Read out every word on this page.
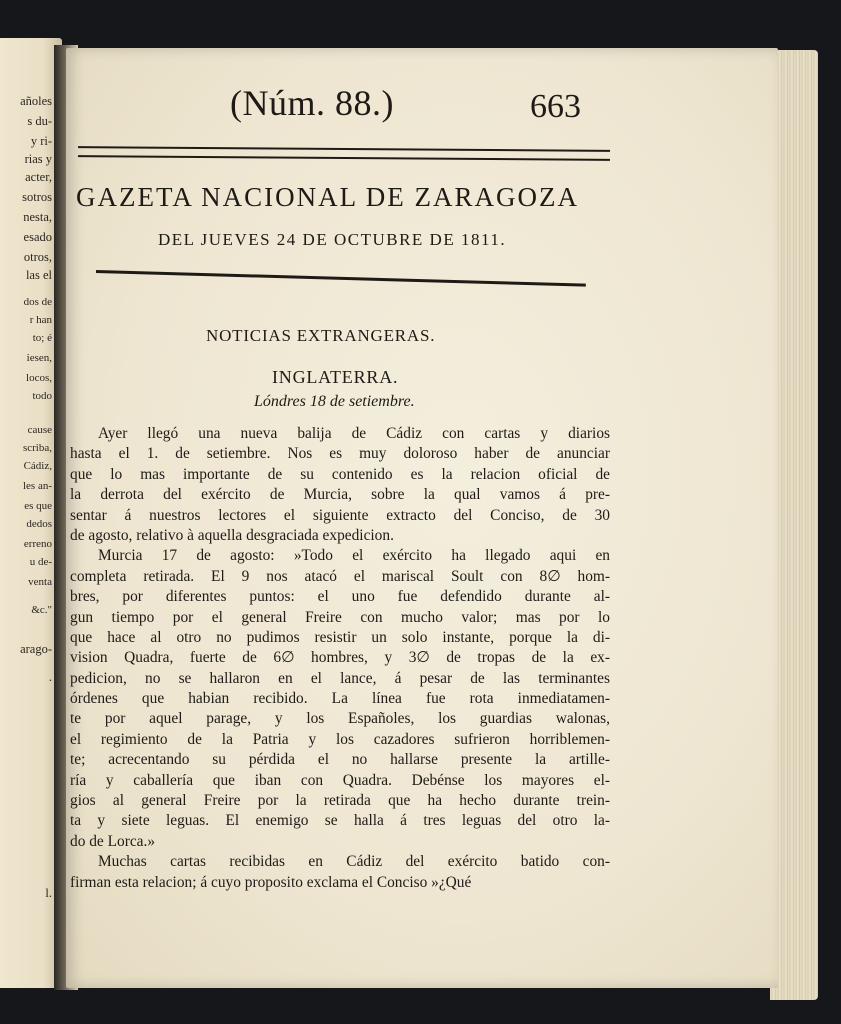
añoles
s du-
y ri-
rias y
acter,
sotros
nesta,
esado
otros,
las el
dos de
r han
to; é
iesen,
locos,
todo
cause
scriba,
Cádiz,
les an-
es que
dedos
erreno
u de-
venta
&c."
arago-
.
l.
(Núm. 88.)	663
GAZETA NACIONAL DE ZARAGOZA
DEL JUEVES 24 DE OCTUBRE DE 1811.
NOTICIAS EXTRANGERAS.
INGLATERRA.
Lóndres 18 de setiembre.
Ayer llegó una nueva balija de Cádiz con cartas y diarios
hasta el 1. de setiembre. Nos es muy doloroso haber de anunciar
que lo mas importante de su contenido es la relacion oficial de
la derrota del exército de Murcia, sobre la qual vamos á pre-
sentar á nuestros lectores el siguiente extracto del Conciso, de 30
de agosto, relativo à aquella desgraciada expedicion.
Murcia 17 de agosto: »Todo el exército ha llegado aqui en
completa retirada. El 9 nos atacó el mariscal Soult con 8∅ hom-
bres, por diferentes puntos: el uno fue defendido durante al-
gun tiempo por el general Freire con mucho valor; mas por lo
que hace al otro no pudimos resistir un solo instante, porque la di-
vision Quadra, fuerte de 6∅ hombres, y 3∅ de tropas de la ex-
pedicion, no se hallaron en el lance, á pesar de las terminantes
órdenes que habian recibido. La línea fue rota inmediatamen-
te por aquel parage, y los Españoles, los guardias walonas,
el regimiento de la Patria y los cazadores sufrieron horriblemen-
te; acrecentando su pérdida el no hallarse presente la artille-
ría y caballería que iban con Quadra. Debénse los mayores el-
gios al general Freire por la retirada que ha hecho durante trein-
ta y siete leguas. El enemigo se halla á tres leguas del otro la-
do de Lorca.»
Muchas cartas recibidas en Cádiz del exército batido con-
firman esta relacion; á cuyo proposito exclama el Conciso »¿Qué
